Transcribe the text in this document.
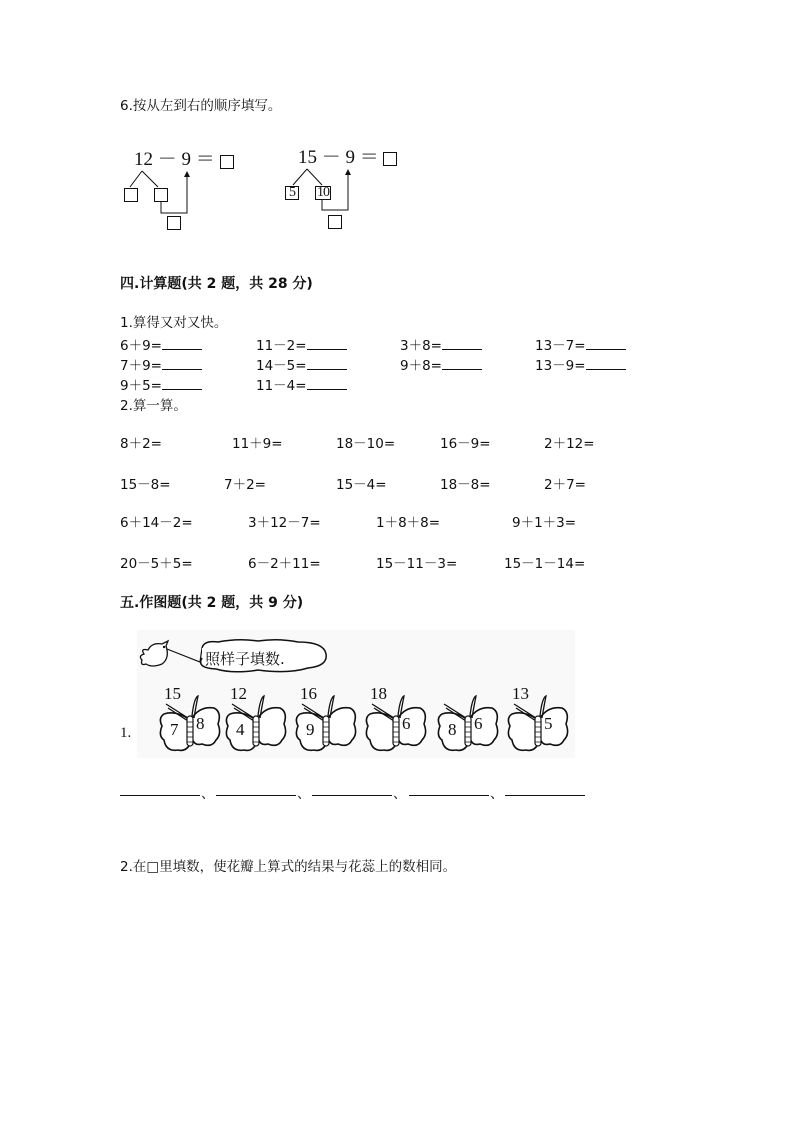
6.按从左到右的顺序填写。
12 － 9 ＝	15 － 9 ＝
5 10
四.计算题(共 2 题，共 28 分)
1.算得又对又快。
6＋9=	11－2=	3＋8=	13－7=
7＋9=	14－5=	9＋8=	13－9=
9＋5=	11－4=
2.算一算。
8＋2=	11＋9=	18－10=	16－9=	2＋12=
15－8=	7＋2=	15－4=	18－8=	2＋7=
6＋14－2=	3＋12－7=	1＋8＋8=	9＋1＋3=
20－5＋5=	6－2＋11=	15－11－3=	15－1－14=
五.作图题(共 2 题，共 9 分)
照样子填数.
1.
15
7 8
12
4
16
9
18
6 8 6
13
5
、	、	、	、
2.在□里填数，使花瓣上算式的结果与花蕊上的数相同。
